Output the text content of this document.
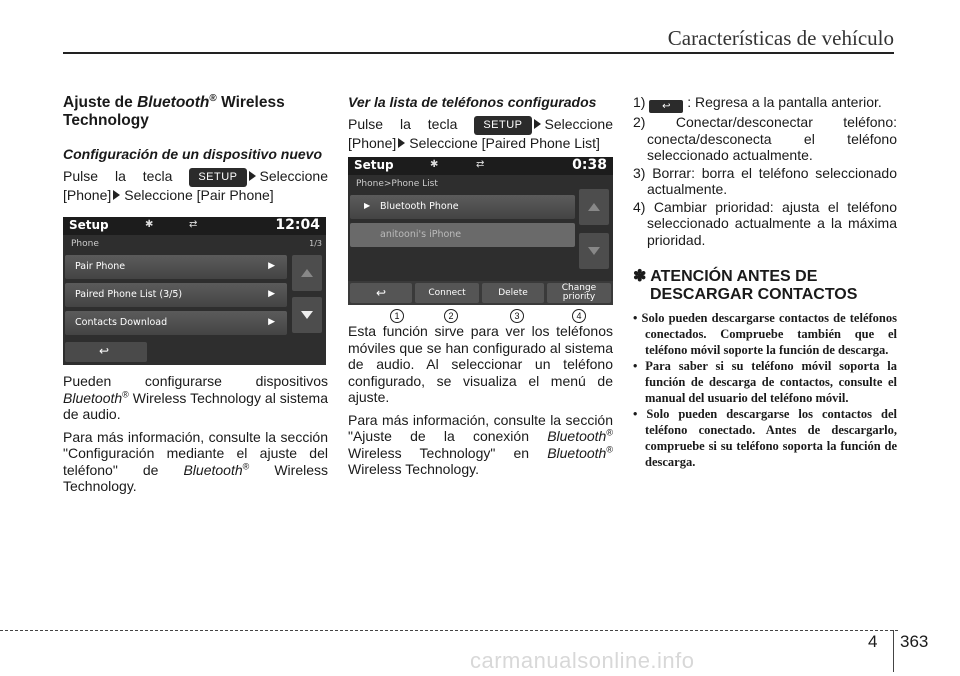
Características de vehículo
Ajuste de Bluetooth® Wireless Technology
Configuración de un dispositivo nuevo

Pulse la tecla SETUP Seleccione [Phone] Seleccione [Pair Phone]

Setup	✱	⇄	12:04
Phone	1/3
Pair Phone	▶
Paired Phone List (3/5)	▶
Contacts Download	▶
↩

Pueden configurarse dispositivos Bluetooth® Wireless Technology al sistema de audio.

Para más información, consulte la sección "Configuración mediante el ajuste del teléfono" de Bluetooth® Wireless Technology.

Ver la lista de teléfonos configurados

Pulse la tecla SETUP Seleccione [Phone] Seleccione [Paired Phone List]

Setup	✱	⇄	0:38
Phone>Phone List
▶ Bluetooth Phone
anitooni's iPhone
↩	Connect	Delete	Change priority
1	2	3	4

Esta función sirve para ver los teléfonos móviles que se han configurado al sistema de audio. Al seleccionar un teléfono configurado, se visualiza el menú de ajuste.

Para más información, consulte la sección "Ajuste de la conexión Bluetooth® Wireless Technology" en Bluetooth® Wireless Technology.

1) ↩ : Regresa a la pantalla anterior.
2) Conectar/desconectar teléfono: conecta/desconecta el teléfono seleccionado actualmente.
3) Borrar: borra el teléfono seleccionado actualmente.
4) Cambiar prioridad: ajusta el teléfono seleccionado actualmente a la máxima prioridad.
✽ ATENCIÓN ANTES DE
DESCARGAR CONTACTOS
• Solo pueden descargarse contactos de teléfonos conectados. Compruebe también que el teléfono móvil soporte la función de descarga.
• Para saber si su teléfono móvil soporta la función de descarga de contactos, consulte el manual del usuario del teléfono móvil.
• Solo pueden descargarse los contactos del teléfono conectado. Antes de descargarlo, compruebe si su teléfono soporta la función de descarga.
4 363
carmanualsonline.info
